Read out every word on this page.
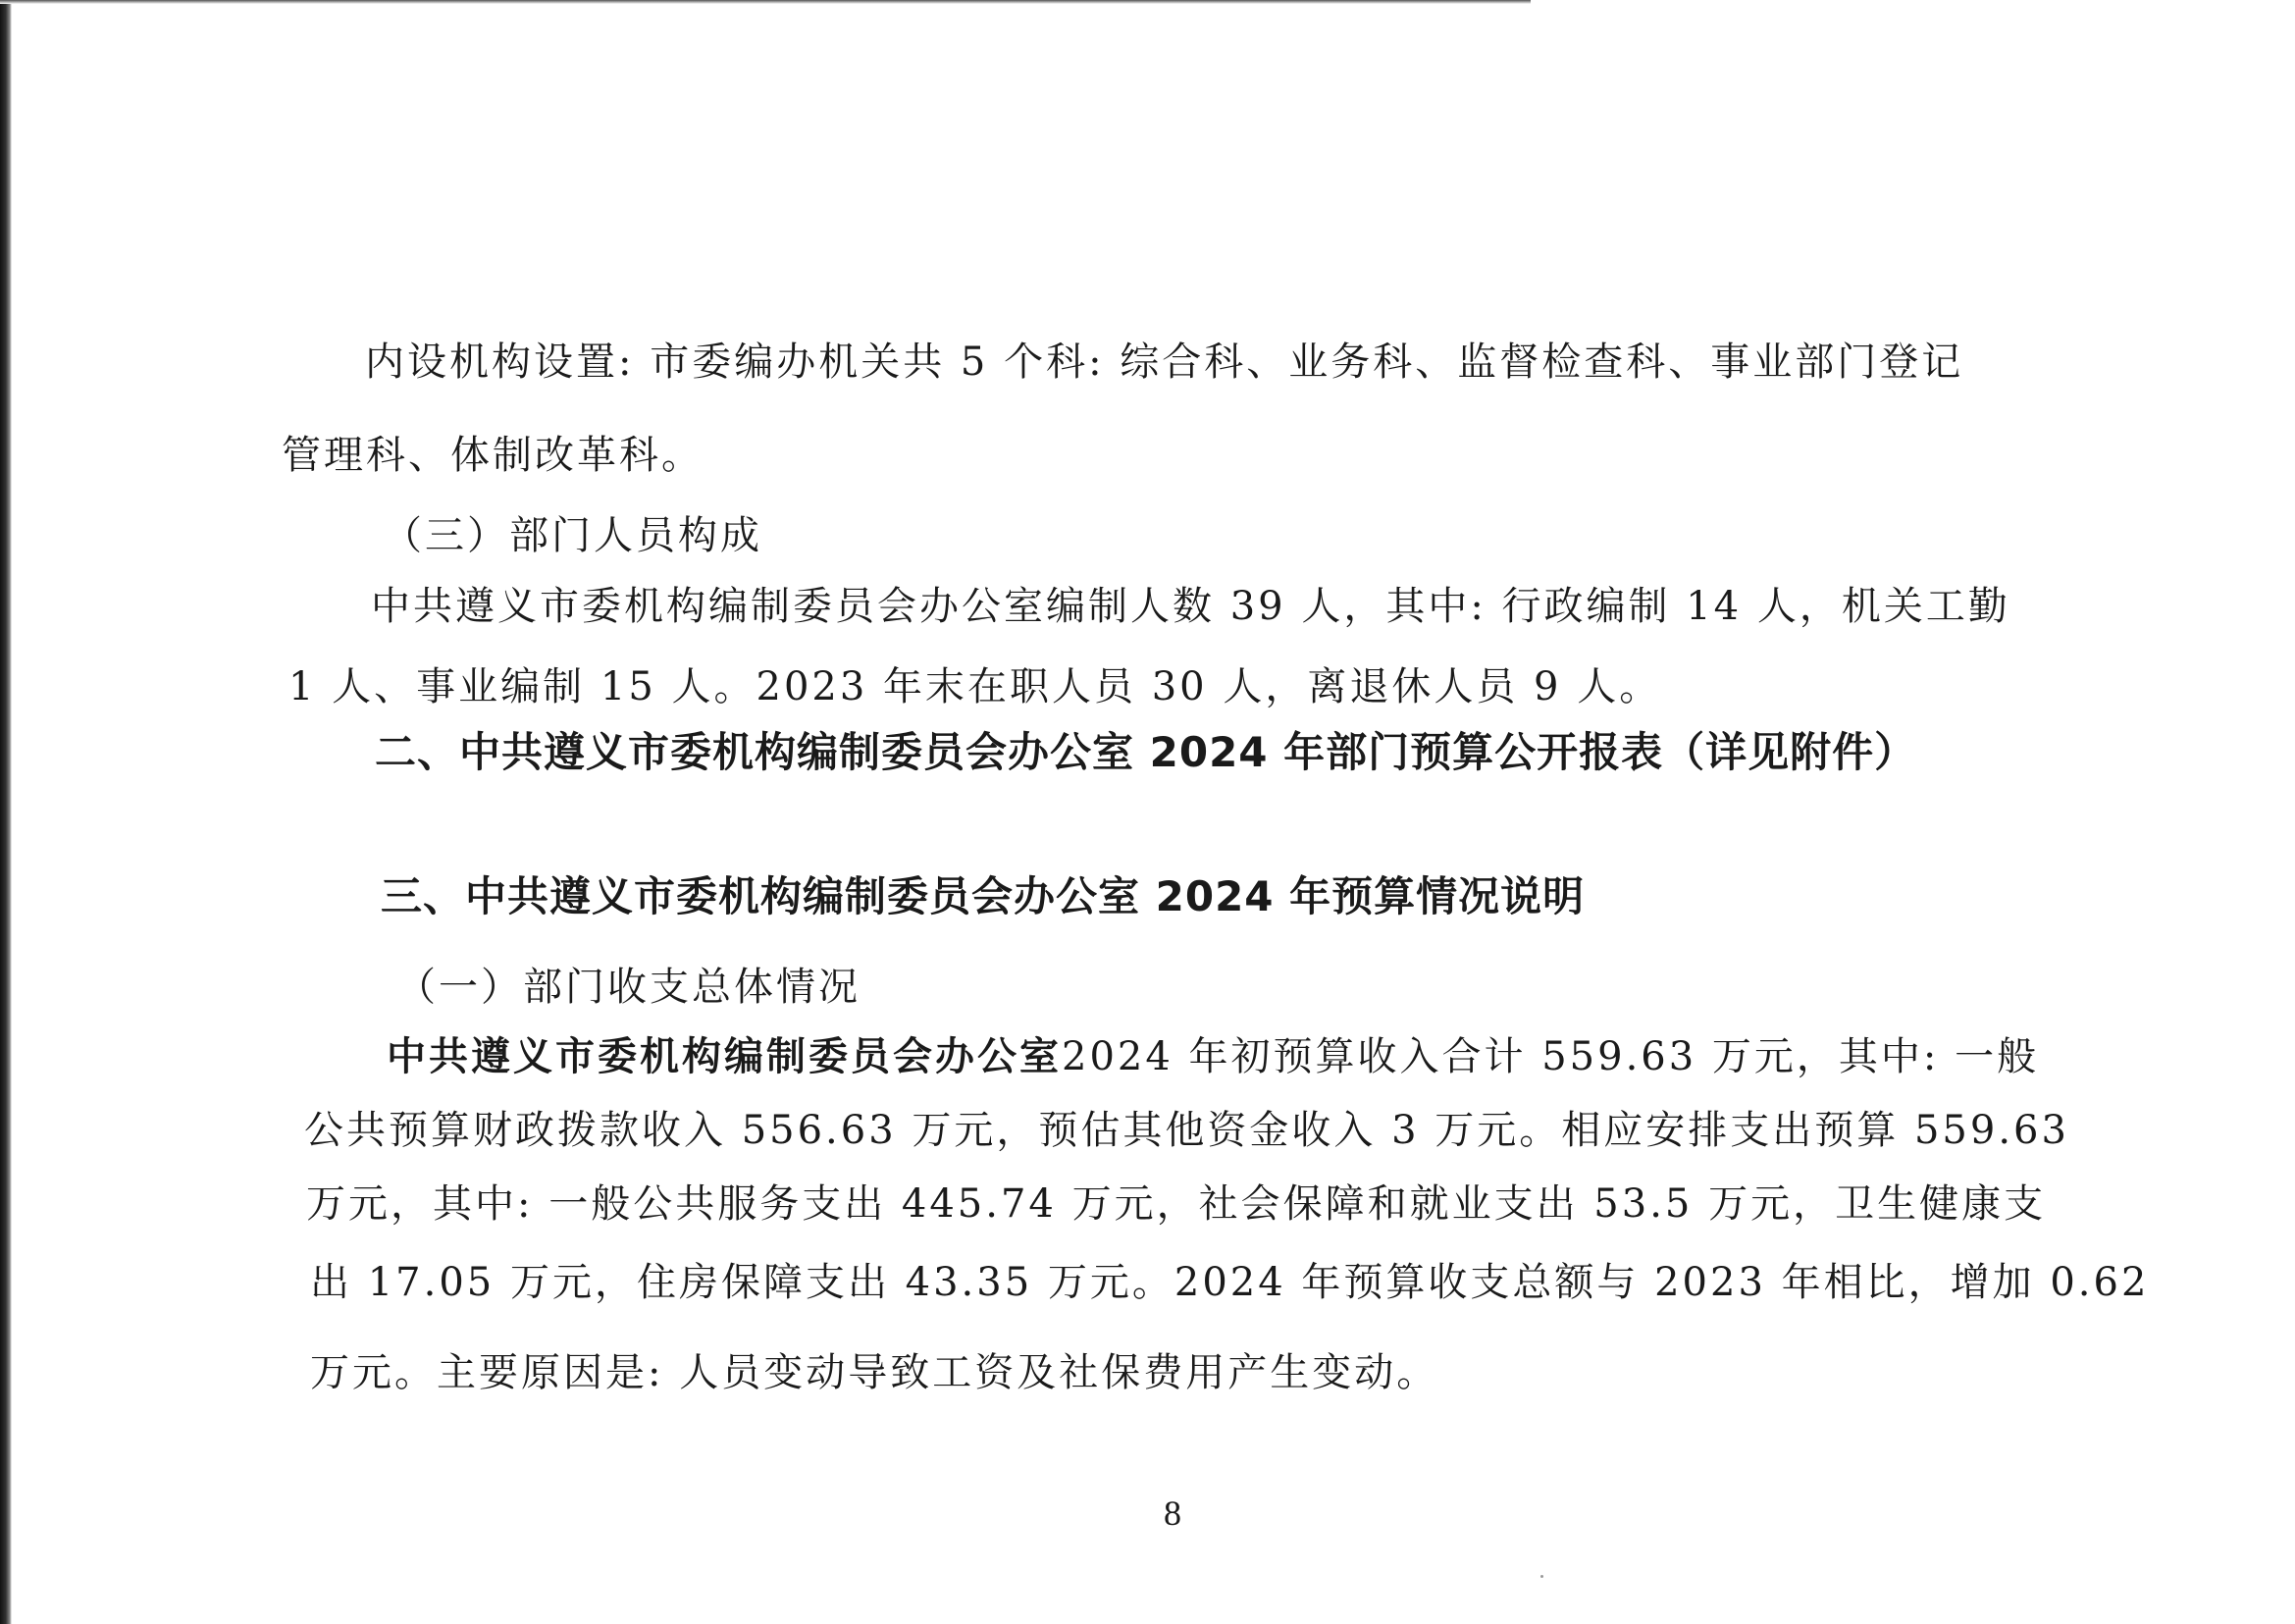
内设机构设置: 市委编办机关共 5 个科: 综合科、业务科、监督检查科、事业部门登记
管理科、体制改革科。
（三）部门人员构成
中共遵义市委机构编制委员会办公室编制人数 39 人，其中: 行政编制 14 人，机关工勤
1 人、事业编制 15 人。2023 年末在职人员 30 人，离退休人员 9 人。
二、中共遵义市委机构编制委员会办公室 2024 年部门预算公开报表（详见附件）
三、中共遵义市委机构编制委员会办公室 2024 年预算情况说明
（一）部门收支总体情况
中共遵义市委机构编制委员会办公室2024 年初预算收入合计 559.63 万元，其中: 一般
公共预算财政拨款收入 556.63 万元，预估其他资金收入 3 万元。相应安排支出预算 559.63
万元，其中: 一般公共服务支出 445.74 万元，社会保障和就业支出 53.5 万元，卫生健康支
出 17.05 万元，住房保障支出 43.35 万元。2024 年预算收支总额与 2023 年相比，增加 0.62
万元。主要原因是: 人员变动导致工资及社保费用产生变动。
8
